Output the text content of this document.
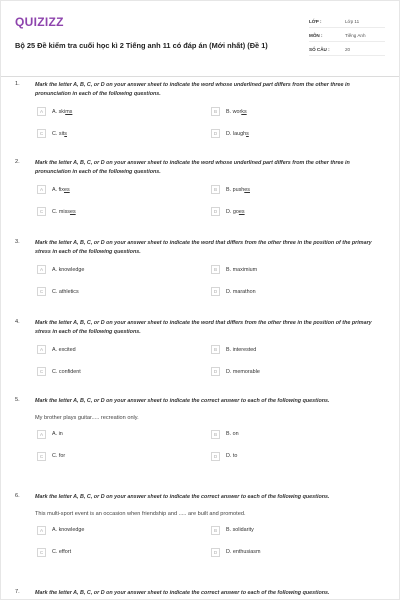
QUIZIZZ
Bộ 25 Đề kiểm tra cuối học kì 2 Tiếng anh 11 có đáp án (Mới nhất) (Đề 1)
LỚP :	Lớp 11
MÔN :	Tiếng Anh
SỐ CÂU :	20
1.	Mark the letter A, B, C, or D on your answer sheet to indicate the word whose underlined part differs from the other three in pronunciation in each of the following questions.
A	A. skims	B	B. works
C	C. sits	D	D. laughs
2.	Mark the letter A, B, C, or D on your answer sheet to indicate the word whose underlined part differs from the other three in pronunciation in each of the following questions.
A	A. fixes	B	B. pushes
C	C. misses	D	D. goes
3.	Mark the letter A, B, C, or D on your answer sheet to indicate the word that differs from the other three in the position of the primary stress in each of the following questions.
A	A. knowledge	B	B. maximium
C	C. athletics	D	D. marathon
4.	Mark the letter A, B, C, or D on your answer sheet to indicate the word that differs from the other three in the position of the primary stress in each of the following questions.
A	A. excited	B	B. interested
C	C. confident	D	D. memorable
5.	Mark the letter A, B, C, or D on your answer sheet to indicate the correct answer to each of the following questions.
My brother plays guitar..... recreation only.
A	A. in	B	B. on
C	C. for	D	D. to
6.	Mark the letter A, B, C, or D on your answer sheet to indicate the correct answer to each of the following questions.
This multi-sport event is an occasion when friendship and ..... are built and promoted.
A	A. knowledge	B	B. solidarity
C	C. effort	D	D. enthusiasm
7.	Mark the letter A, B, C, or D on your answer sheet to indicate the correct answer to each of the following questions.
